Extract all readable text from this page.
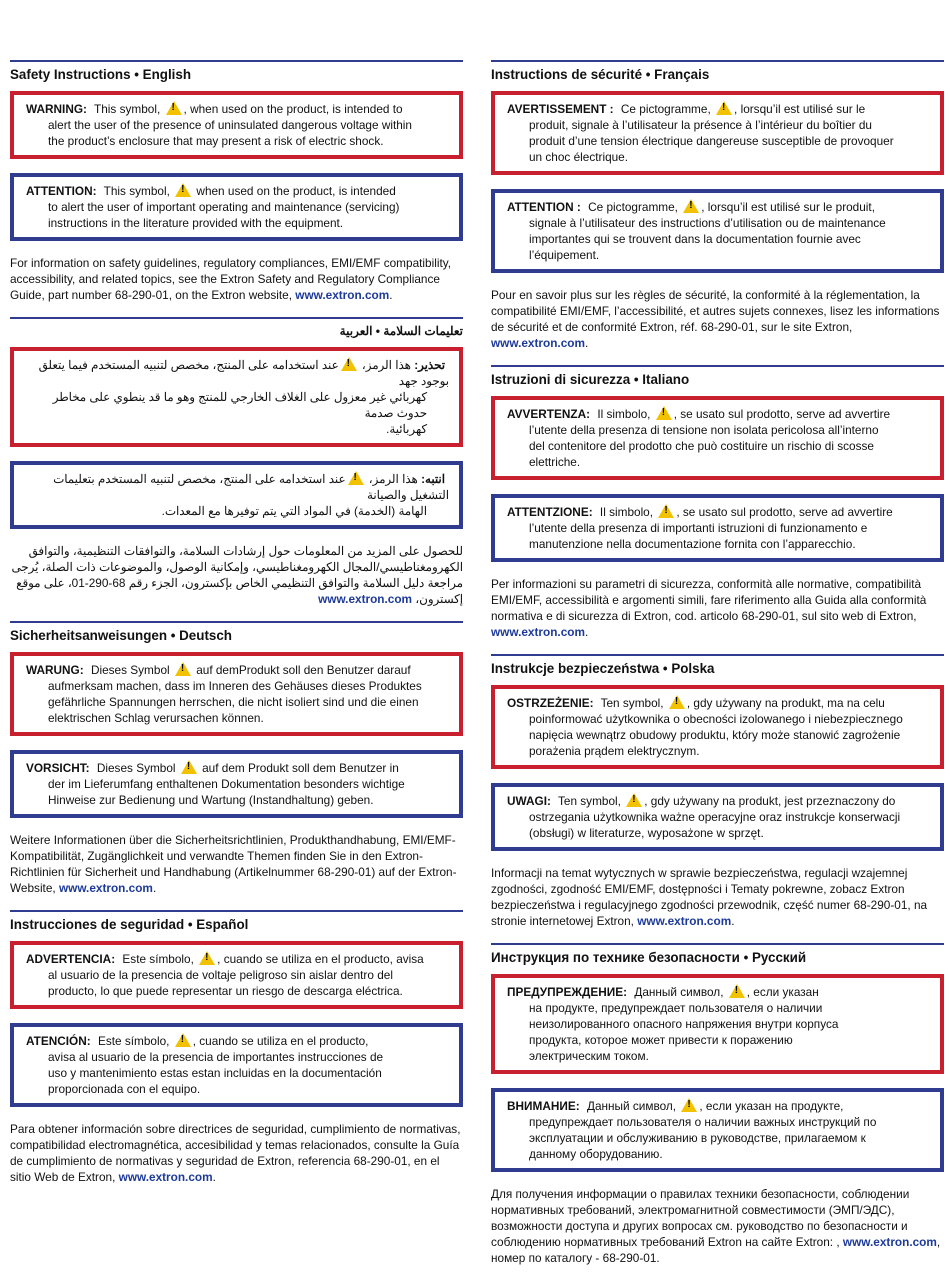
Safety Instructions • English
WARNING: This symbol, ! , when used on the product, is intended to
alert the user of the presence of uninsulated dangerous voltage within
the product’s enclosure that may present a risk of electric shock.
ATTENTION: This symbol, ! when used on the product, is intended
to alert the user of important operating and maintenance (servicing)
instructions in the literature provided with the equipment.

For information on safety guidelines, regulatory compliances, EMI/EMF compatibility, accessibility, and related topics, see the Extron Safety and Regulatory Compliance Guide, part number 68-290-01, on the Extron website, www.extron.com.

تعليمات السلامة • العربية
تحذير: هذا الرمز، !عند استخدامه على المنتج، مخصص لتنبيه المستخدم فيما يتعلق بوجود جهد
كهربائي غير معزول على الغلاف الخارجي للمنتج وهو ما قد ينطوي على مخاطر حدوث صدمة
كهربائية.
انتبه: هذا الرمز، !عند استخدامه على المنتج، مخصص لتنبيه المستخدم بتعليمات التشغيل والصيانة
الهامة (الخدمة) في المواد التي يتم توفيرها مع المعدات.

للحصول على المزيد من المعلومات حول إرشادات السلامة، والتوافقات التنظيمية، والتوافق الكهرومغناطيسي/المجال الكهرومغناطيسي، وإمكانية الوصول، والموضوعات ذات الصلة، يُرجى مراجعة دليل السلامة والتوافق التنظيمي الخاص بإكسترون، الجزء رقم 68-290-01، على موقع إكسترون، www.extron.com

Sicherheitsanweisungen • Deutsch
WARUNG: Dieses Symbol ! auf demProdukt soll den Benutzer darauf
aufmerksam machen, dass im Inneren des Gehäuses dieses Produktes
gefährliche Spannungen herrschen, die nicht isoliert sind und die einen
elektrischen Schlag verursachen können.
VORSICHT: Dieses Symbol ! auf dem Produkt soll dem Benutzer in
der im Lieferumfang enthaltenen Dokumentation besonders wichtige
Hinweise zur Bedienung und Wartung (Instandhaltung) geben.

Weitere Informationen über die Sicherheitsrichtlinien, Produkthandhabung, EMI/EMF-Kompatibilität, Zugänglichkeit und verwandte Themen finden Sie in den Extron-Richtlinien für Sicherheit und Handhabung (Artikelnummer 68-290-01) auf der Extron-Website, www.extron.com.

Instrucciones de seguridad • Español
ADVERTENCIA: Este símbolo, ! , cuando se utiliza en el producto, avisa
al usuario de la presencia de voltaje peligroso sin aislar dentro del
producto, lo que puede representar un riesgo de descarga eléctrica.
ATENCIÓN: Este símbolo, ! , cuando se utiliza en el producto,
avisa al usuario de la presencia de importantes instrucciones de
uso y mantenimiento estas estan incluidas en la documentación
proporcionada con el equipo.

Para obtener información sobre directrices de seguridad, cumplimiento de normativas, compatibilidad electromagnética, accesibilidad y temas relacionados, consulte la Guía de cumplimiento de normativas y seguridad de Extron, referencia 68-290-01, en el sitio Web de Extron, www.extron.com.

Instructions de sécurité • Français
AVERTISSEMENT : Ce pictogramme, ! , lorsqu’il est utilisé sur le
produit, signale à l’utilisateur la présence à l’intérieur du boîtier du
produit d’une tension électrique dangereuse susceptible de provoquer
un choc électrique.
ATTENTION : Ce pictogramme, ! , lorsqu’il est utilisé sur le produit,
signale à l’utilisateur des instructions d’utilisation ou de maintenance
importantes qui se trouvent dans la documentation fournie avec
l’équipement.

Pour en savoir plus sur les règles de sécurité, la conformité à la réglementation, la compatibilité EMI/EMF, l’accessibilité, et autres sujets connexes, lisez les informations de sécurité et de conformité Extron, réf. 68-290-01, sur le site Extron, www.extron.com.

Istruzioni di sicurezza • Italiano
AVVERTENZA: Il simbolo, ! , se usato sul prodotto, serve ad avvertire
l’utente della presenza di tensione non isolata pericolosa all’interno
del contenitore del prodotto che può costituire un rischio di scosse
elettriche.
ATTENTZIONE: Il simbolo, ! , se usato sul prodotto, serve ad avvertire
l’utente della presenza di importanti istruzioni di funzionamento e
manutenzione nella documentazione fornita con l’apparecchio.

Per informazioni su parametri di sicurezza, conformità alle normative, compatibilità EMI/EMF, accessibilità e argomenti simili, fare riferimento alla Guida alla conformità normativa e di sicurezza di Extron, cod. articolo 68-290-01, sul sito web di Extron, www.extron.com.

Instrukcje bezpieczeństwa • Polska
OSTRZEŻENIE: Ten symbol, ! , gdy używany na produkt, ma na celu
poinformować użytkownika o obecności izolowanego i niebezpiecznego
napięcia wewnątrz obudowy produktu, który może stanowić zagrożenie
porażenia prądem elektrycznym.
UWAGI: Ten symbol, ! , gdy używany na produkt, jest przeznaczony do
ostrzegania użytkownika ważne operacyjne oraz instrukcje konserwacji
(obsługi) w literaturze, wyposażone w sprzęt.

Informacji na temat wytycznych w sprawie bezpieczeństwa, regulacji wzajemnej zgodności, zgodność EMI/EMF, dostępności i Tematy pokrewne, zobacz Extron bezpieczeństwa i regulacyjnego zgodności przewodnik, część numer 68-290-01, na stronie internetowej Extron, www.extron.com.

Инструкция по технике безопасности • Русский
ПРЕДУПРЕЖДЕНИЕ: Данный символ, ! , если указан
на продукте, предупреждает пользователя о наличии
неизолированного опасного напряжения внутри корпуса
продукта, которое может привести к поражению
электрическим током.
ВНИМАНИЕ: Данный символ, ! , если указан на продукте,
предупреждает пользователя о наличии важных инструкций по
эксплуатации и обслуживанию в руководстве, прилагаемом к
данному оборудованию.

Для получения информации о правилах техники безопасности, соблюдении нормативных требований, электромагнитной совместимости (ЭМП/ЭДС), возможности доступа и других вопросах см. руководство по безопасности и соблюдению нормативных требований Extron на сайте Extron: , www.extron.com,
номер по каталогу - 68-290-01.
